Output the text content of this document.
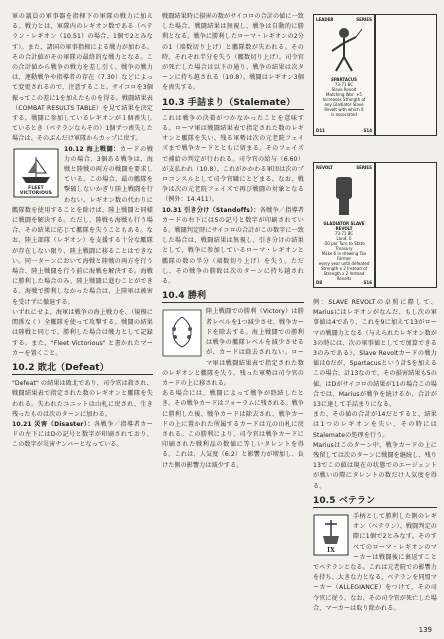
軍の議員の軍事器を指揮下の軍隊の戦力に加える。戦力とは、軍隊内のレギオン数である（ベテラン・レギオン（10.51）の場合、1個で2とみなす）。また、諸国の軍事指揮による戦力が加わる。その合計値がその軍隊の最終的な戦力となる。この合計値から戦争の戦力を差し引く。戦争の戦力は、連動戦争や指導者の存在（7.30）などによって変更されるので、注意すること。サイコロを3個振ってこの差に1を加えたものを得る。戦闘結果表（COMBAT RESULTS TABLE）を見て結果を決定する。戦闘に参加しているレギオンが１個喪失しているとき（ベテランならその）1個ずつ喪失した場合は、そのぶんだけ軍隊からカップに戻す。

FLEET
VICTORIOUS

10.12 海上戦闘：カードの戦力の場合、3個ある戦争は、海戦と陸戦の両方の戦闘を要求している。この場合、最の艦隊を撃破しないかぎり陸上戦闘を行わない。レギオン数の代わりに艦隊数を使用することを除けば、陸上戦闘と同様に戦闘を解決する。ただし、陸戦も海戦も行う場合、その結果に応じて艦隊を失うこともある。なお、陸上部隊（レギオン）を支援する十分な艦隊が存在しない限り、陸上戦闘に移ることはできない。同一ターンにおいて海戦と陸戦の両方を行う場合、陸上戦闘を行う前に海戦を解決する。海戦に勝利した場合のみ、陸上戦闘に進むことができる。海戦で勝利しなかった場合は、上陸軍は被害を受けずに撤退する。

いずれにせよ、海軍は戦争の海上戦力を、（規模に関係なく）全艦隊を使って攻撃する。戦闘の結果は陸戦と同じで、勝利した場合は戦力として記録する。また、"Fleet Victorious" と書かれたマーカーを置くこと。

10.2 敗北（Defeat）

"Defeat" の結果は敗北であり、司令官は殺され、戦闘結果表で指定された数のレギオンと艦隊を失われる。失われたユニットは山札に戻され、生き残ったものは次のターンに加わる。

10.21 災害（Disaster）：各戦争／指導者カードの左下にはDの記号と数字が印刷されており、この数字が災害ナンバーとなっている。

戦闘結果時に損害の数がサイコロの合計の値に一致した場合、戦闘結果は無視し、戦争は自動的に勝利となる。戦争に勝利したローマ・レギオンの2分の1（端数切り上げ）と艦隊数が失われる。その時、それぞれ半分を失う（艦数切り上げ）。司令官が死亡した場合は以下の通り、戦争の結果は次ターンに持ち越される（10.8）。戦闘はレギオン3個を喪失する。

10.3 手詰まり（Stalemate）

これは戦争の決着がつかなかったことを意味する。ローマ軍は戦闘結果表で指定された数のレギオンと艦隊を失い、残る軍勢は次の元老院フェイズまで戦争カードとともに留まる。そのフェイズで補給の判定が行われる。司令官の給与（6.60）が支払われ（10.8）、これがかかわる軍団は次のプロコンスルとして司令官職にとどまる。なお、戦争は次の元老院フェイズで再び戦闘の対象となる（例外：14.411）。

10.31 引き分け（Standoffs）：各戦争／指導者カードの右下にはSの記号と数字が印刷されている。戦闘判定時にサイコロの合計がこの数字に一致した場合は、戦闘結果は無視し、引き分けの結果として、戦争に参加しているローマ・レギオンと艦隊の数の半分（端数切り上げ）を失う。ただし、その戦争の勝敗は次のターンに持ち越される。

10.4 勝利

陸上戦闘での勝利（Victory）は勝者レベルを1つ減少させ、戦争カードを除去する。海上戦闘での勝利は戦争の艦隊レベルを減少させるが、カードは除去されない。ローマ軍は戦闘結果表で指定された数のレギオンと艦隊を失う。残った軍勢は司令官のカードの上に移される。

ある場合には、戦闘によって戦争が終結したとき、その戦争カードはフォーラムに残される。戦争に勝利した後、戦争カードは除去され、戦争カードの上に置かれた所属するカードは元の山札に戻される。この勝利により、司令官は戦争カードに印刷された戦利品の数値に等しいタレントを得る。これは、人気度（6.2）と影響力が増加し、負けた側の影響力は減少する。

LEADER	SERIES
SPARTACUS
73-71 BC
Slave Revolt
Matching War: +5
Increases Strength of
any Gladiator Slave
Revolt with which it
is associated
D11	S14
REVOLT	SERIES
GLADIATOR SLAVE REVOLT
73-71 BC
Land: 0
-50 per Turn to State Treasury
Make 6 in drawing Tax Farmer
every year until defeated
Strength x 2 Instead of
Strength x 2 Instead Revolts
D8	S16

例：SLAVE REVOLTの卓照に際して、Mariusにはレギオンがなんだ、もし次の軍事値は4であり、これを9に加えて13がローマの戦闘力となる（与えられたレギオン数が3の時には、次の軍事値としてで加算できる3のみである）。Slave Revoltカードの戦力値は0だが、Spartacusという計5を加えるこの場合、計13なので、その損害結果も5の値。はDがサイコロの結果が11の場合この場合では、Mariusが戦争を続けるか、合計が13に達して手詰まりになる。

また、その値の合計が14だとすると、結果は1つのレギオンを失い、その時にはStalemateの処理を行う。

Mariusはこのターン中、戦争カードの上に残留しては次のターンに戦闘を継続し、残り13でこの値は現在の状態でのエージェントが戦いの際にタレントの数だけ人気度を得る。

10.5 ベテラン
IX

手柄として勝利した側のレギオン（ベテラン）、戦闘判定の際に1個で2とみなす。そのすべてのローマ・レギオンのマーカーは戦闘後に裏返すことでベテランとなる。これは元老院での影響力を持ち、大きな力となる。ベテランを同盟マーカー（ALLEGIANCE）をつけて、その司令官に従う。なお、その司令官が死亡した場合、マーカーは取り除かれる。

139
